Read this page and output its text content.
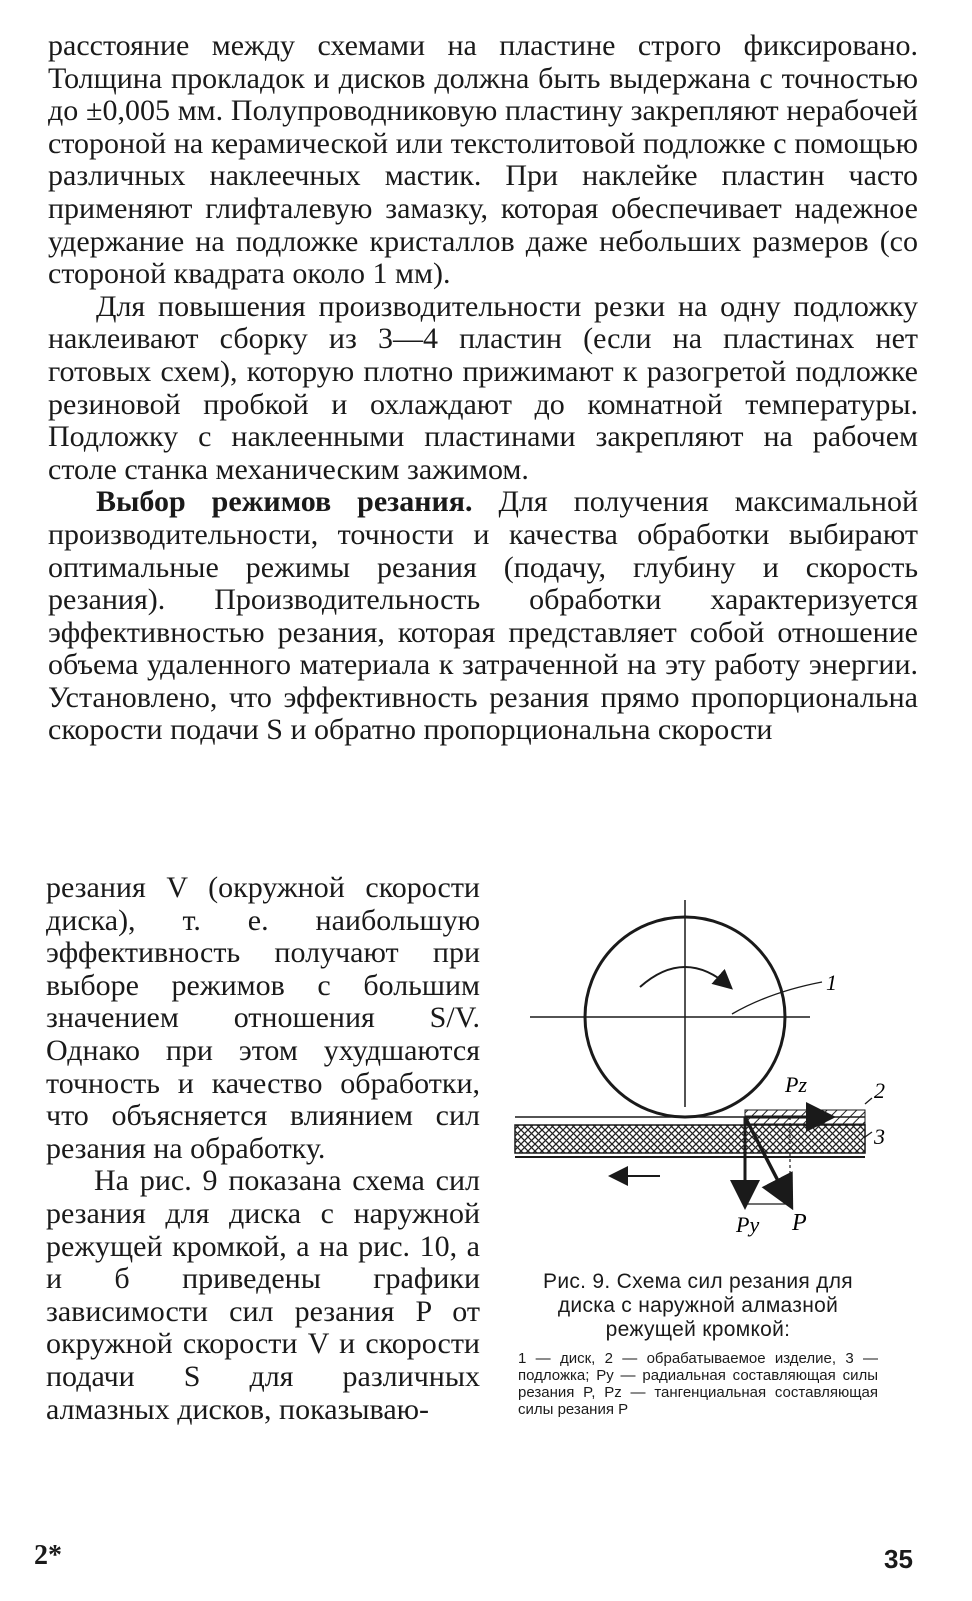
расстояние между схемами на пластине строго фиксировано. Толщина прокладок и дисков должна быть выдержана с точностью до ±0,005 мм. Полупроводниковую пластину закрепляют нерабочей стороной на керамической или текстолитовой подложке с помощью различных наклеечных мастик. При наклейке пластин часто применяют глифталевую замазку, которая обеспечивает надежное удержание на подложке кристаллов даже небольших размеров (со стороной квадрата около 1 мм).

Для повышения производительности резки на одну подложку наклеивают сборку из 3—4 пластин (если на пластинах нет готовых схем), которую плотно прижимают к разогретой подложке резиновой пробкой и охлаждают до комнатной температуры. Подложку с наклеенными пластинами закрепляют на рабочем столе станка механическим зажимом.

Выбор режимов резания. Для получения максимальной производительности, точности и качества обработки выбирают оптимальные режимы резания (подачу, глубину и скорость резания). Производительность обработки характеризуется эффективностью резания, которая представляет собой отношение объема удаленного материала к затраченной на эту работу энергии. Установлено, что эффективность резания прямо пропорциональна скорости подачи S и обратно пропорциональна скорости

резания V (окружной скорости диска), т. е. наибольшую эффективность получают при выборе режимов с большим значением отношения S/V. Однако при этом ухудшаются точность и качество обработки, что объясняется влиянием сил резания на обработку.

На рис. 9 показана схема сил резания для диска с наружной режущей кромкой, а на рис. 10, а и б приведены графики зависимости сил резания P от окружной скорости V и скорости подачи S для различных алмазных дисков, показываю-

1
2
3
Pz
Py P
Рис. 9. Схема сил резания для диска с наружной алмазной режущей кромкой:
1 — диск, 2 — обрабатываемое изделие, 3 — подложка; Py — радиальная составляющая силы резания P, Pz — тангенциальная составляющая силы резания P
2*	35
